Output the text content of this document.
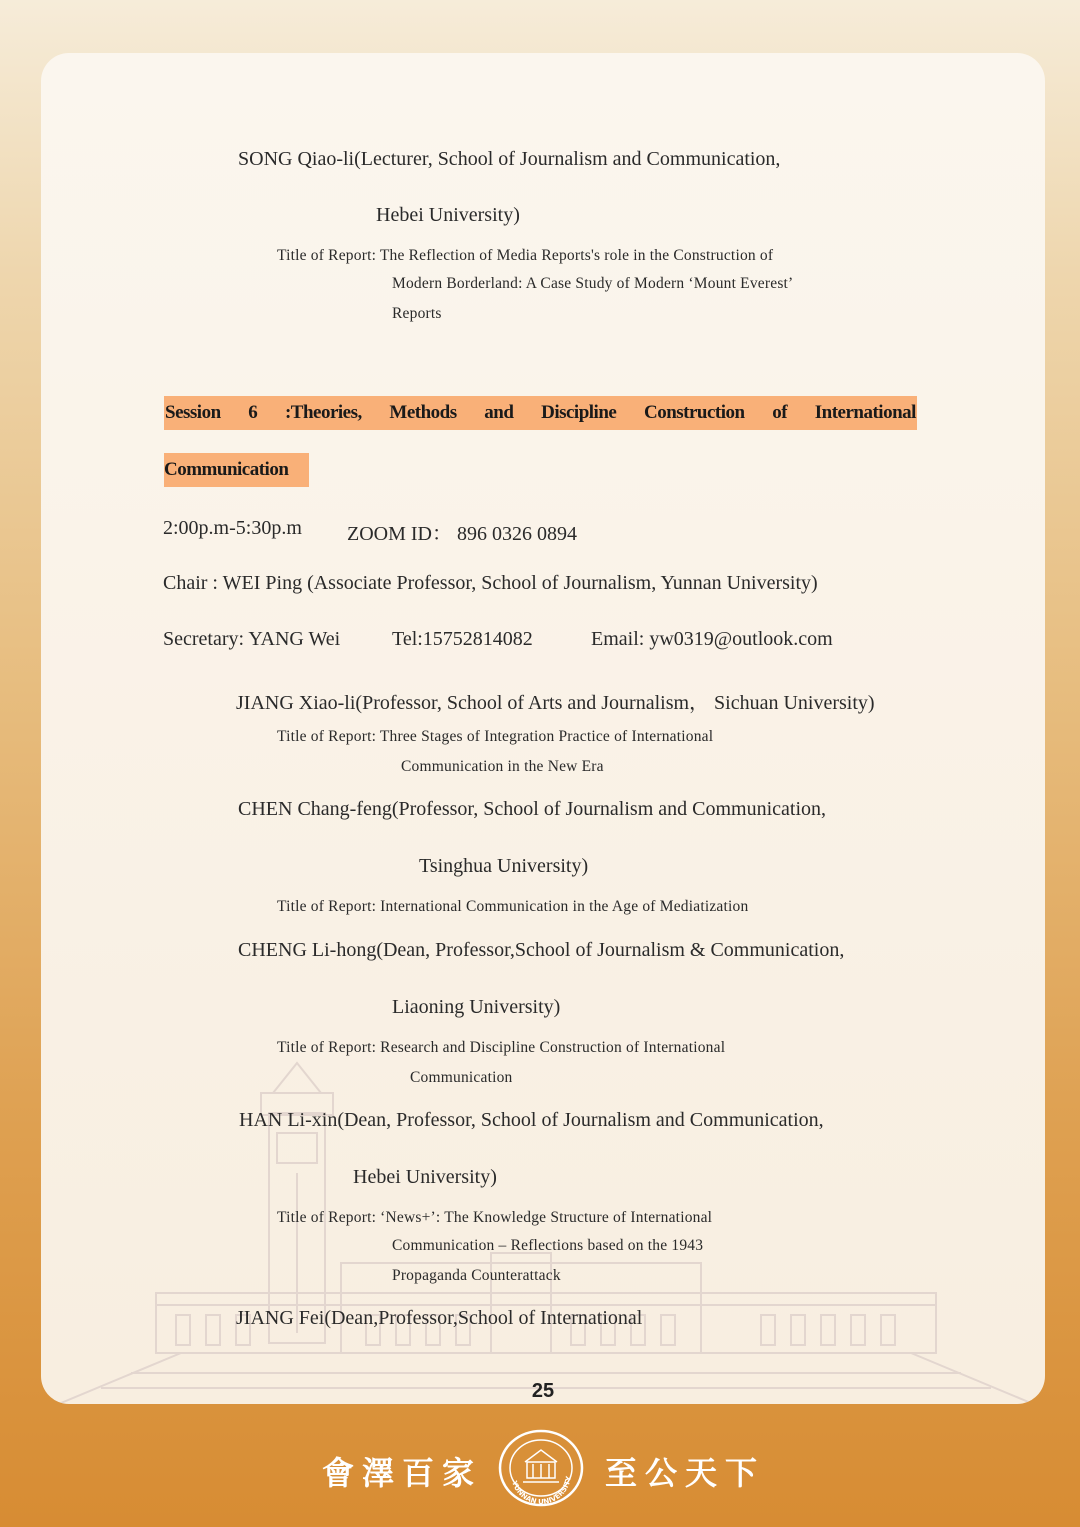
SONG Qiao-li(Lecturer, School of Journalism and Communication,
Hebei University)
Title of Report: The Reflection of Media Reports's role in the Construction of
Modern Borderland: A Case Study of Modern ‘Mount Everest’
Reports
Session 6 :Theories, Methods and Discipline Construction of International
Communication
2:00p.m-5:30p.m ZOOM ID： 896 0326 0894
Chair : WEI Ping (Associate Professor, School of Journalism, Yunnan University)
Secretary: YANG Wei	Tel:15752814082	Email: yw0319@outlook.com
JIANG Xiao-li(Professor, School of Arts and Journalism， Sichuan University)
Title of Report: Three Stages of Integration Practice of International
Communication in the New Era
CHEN Chang-feng(Professor, School of Journalism and Communication,
Tsinghua University)
Title of Report: International Communication in the Age of Mediatization
CHENG Li-hong(Dean, Professor,School of Journalism & Communication,
Liaoning University)
Title of Report: Research and Discipline Construction of International
Communication
HAN Li-xin(Dean, Professor, School of Journalism and Communication,
Hebei University)
Title of Report: ‘News+’: The Knowledge Structure of International
Communication – Reflections based on the 1943
Propaganda Counterattack
JIANG Fei(Dean,Professor,School of International
25
會澤百家	YUNNAN UNIVERSITY 至公天下
